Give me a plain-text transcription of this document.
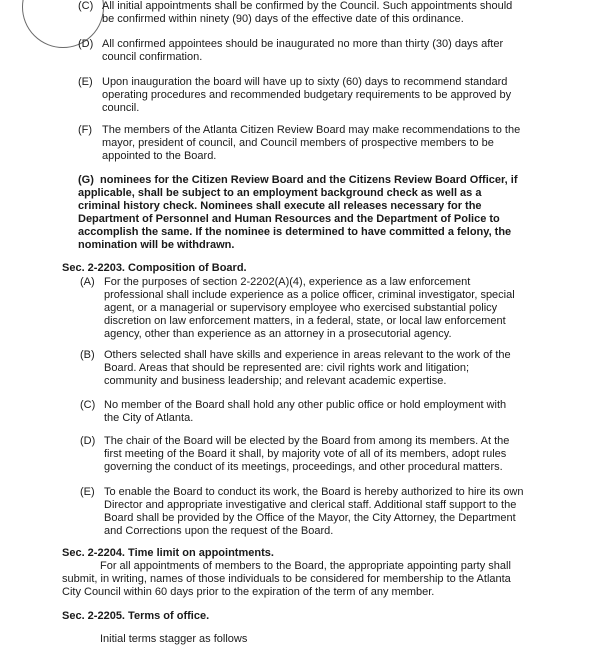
(C) All initial appointments shall be confirmed by the Council. Such appointments should be confirmed within ninety (90) days of the effective date of this ordinance.
(D) All confirmed appointees should be inaugurated no more than thirty (30) days after council confirmation.
(E) Upon inauguration the board will have up to sixty (60) days to recommend standard operating procedures and recommended budgetary requirements to be approved by council.
(F) The members of the Atlanta Citizen Review Board may make recommendations to the mayor, president of council, and Council members of prospective members to be appointed to the Board.
(G) nominees for the Citizen Review Board and the Citizens Review Board Officer, if applicable, shall be subject to an employment background check as well as a criminal history check. Nominees shall execute all releases necessary for the Department of Personnel and Human Resources and the Department of Police to accomplish the same. If the nominee is determined to have committed a felony, the nomination will be withdrawn.
Sec. 2-2203. Composition of Board.
(A) For the purposes of section 2-2202(A)(4), experience as a law enforcement professional shall include experience as a police officer, criminal investigator, special agent, or a managerial or supervisory employee who exercised substantial policy discretion on law enforcement matters, in a federal, state, or local law enforcement agency, other than experience as an attorney in a prosecutorial agency.
(B) Others selected shall have skills and experience in areas relevant to the work of the Board. Areas that should be represented are: civil rights work and litigation; community and business leadership; and relevant academic expertise.
(C) No member of the Board shall hold any other public office or hold employment with the City of Atlanta.
(D) The chair of the Board will be elected by the Board from among its members. At the first meeting of the Board it shall, by majority vote of all of its members, adopt rules governing the conduct of its meetings, proceedings, and other procedural matters.
(E) To enable the Board to conduct its work, the Board is hereby authorized to hire its own Director and appropriate investigative and clerical staff. Additional staff support to the Board shall be provided by the Office of the Mayor, the City Attorney, the Department and Corrections upon the request of the Board.
Sec. 2-2204. Time limit on appointments.
For all appointments of members to the Board, the appropriate appointing party shall submit, in writing, names of those individuals to be considered for membership to the Atlanta City Council within 60 days prior to the expiration of the term of any member.
Sec. 2-2205. Terms of office.
Initial terms stagger as follows
